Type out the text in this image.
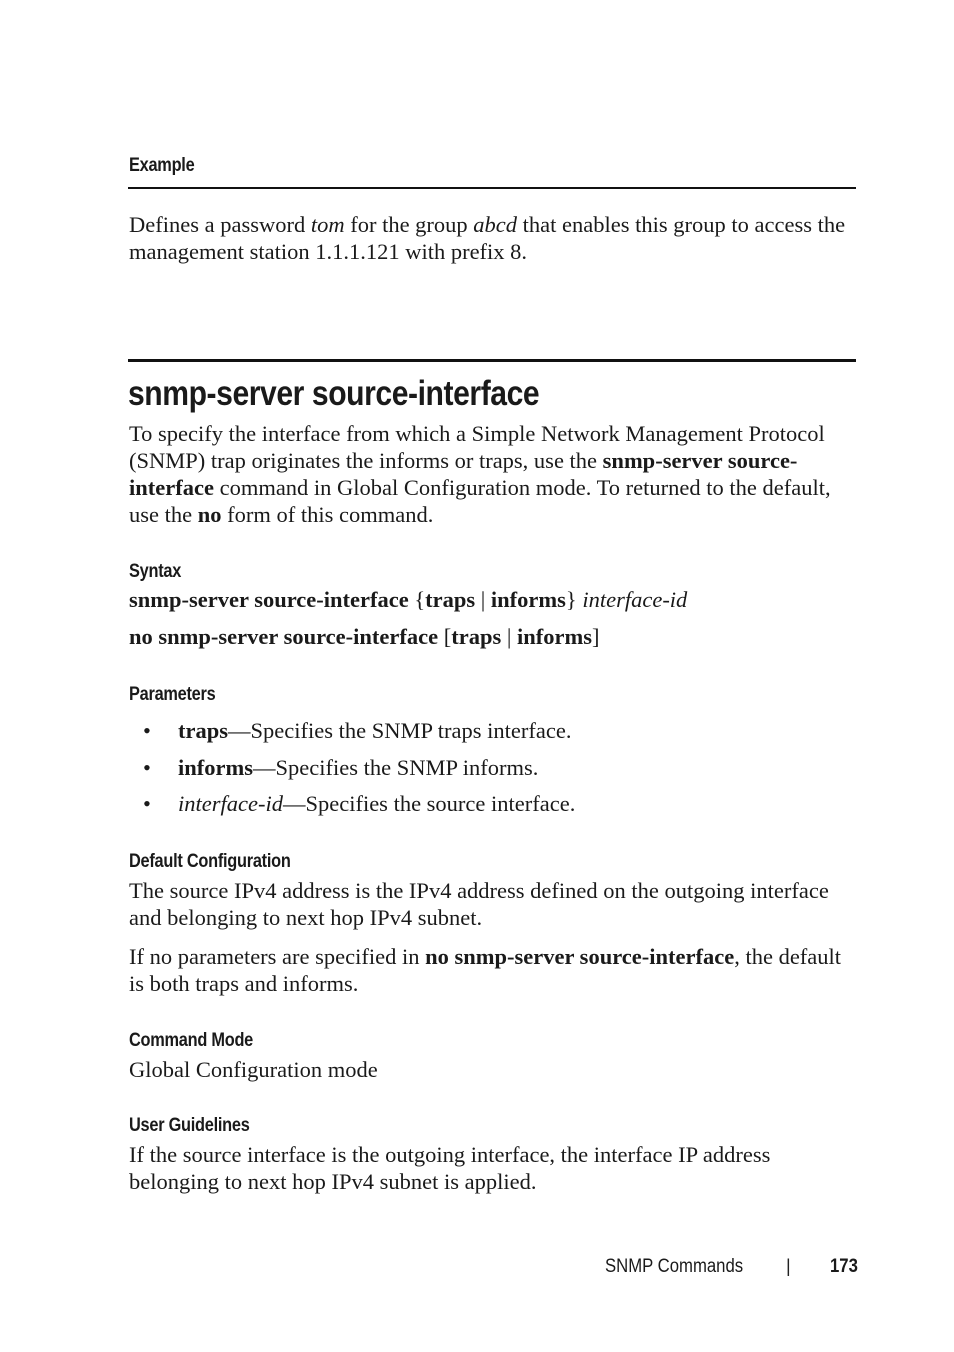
Example
Defines a password tom for the group abcd that enables this group to access the management station 1.1.1.121 with prefix 8.
snmp-server source-interface
To specify the interface from which a Simple Network Management Protocol (SNMP) trap originates the informs or traps, use the snmp-server source-interface command in Global Configuration mode. To returned to the default, use the no form of this command.
Syntax
snmp-server source-interface {traps | informs} interface-id
no snmp-server source-interface [traps | informs]
Parameters
• traps—Specifies the SNMP traps interface.
• informs—Specifies the SNMP informs.
• interface-id—Specifies the source interface.
Default Configuration
The source IPv4 address is the IPv4 address defined on the outgoing interface and belonging to next hop IPv4 subnet.
If no parameters are specified in no snmp-server source-interface, the default is both traps and informs.
Command Mode
Global Configuration mode
User Guidelines
If the source interface is the outgoing interface, the interface IP address belonging to next hop IPv4 subnet is applied.
SNMP Commands | 173
